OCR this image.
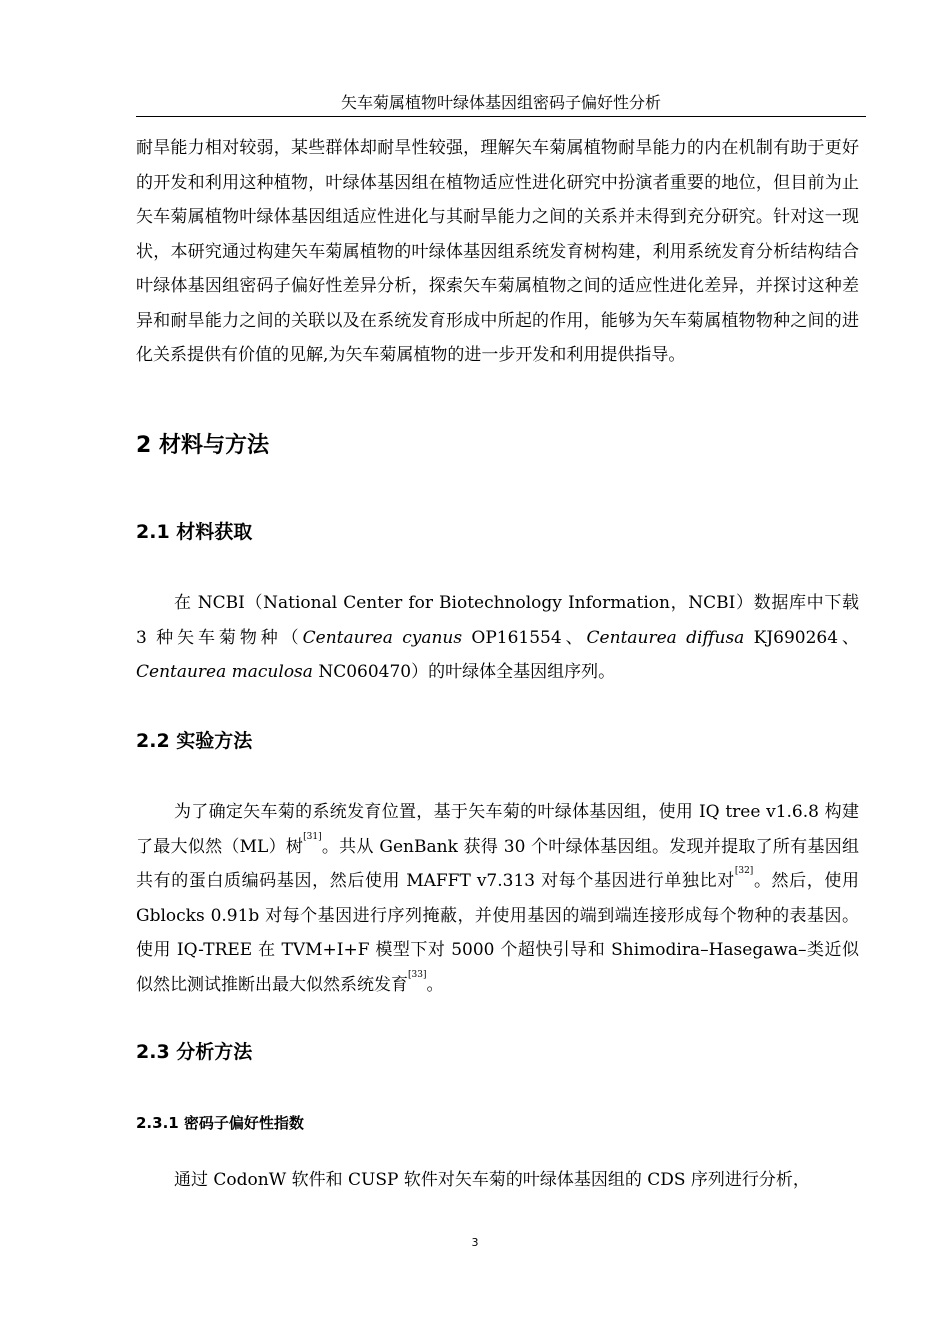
矢车菊属植物叶绿体基因组密码子偏好性分析

耐旱能力相对较弱，某些群体却耐旱性较强，理解矢车菊属植物耐旱能力的内在机制有助于更好的开发和利用这种植物，叶绿体基因组在植物适应性进化研究中扮演者重要的地位，但目前为止矢车菊属植物叶绿体基因组适应性进化与其耐旱能力之间的关系并未得到充分研究。针对这一现状，本研究通过构建矢车菊属植物的叶绿体基因组系统发育树构建，利用系统发育分析结构结合叶绿体基因组密码子偏好性差异分析，探索矢车菊属植物之间的适应性进化差异，并探讨这种差异和耐旱能力之间的关联以及在系统发育形成中所起的作用，能够为矢车菊属植物物种之间的进化关系提供有价值的见解,为矢车菊属植物的进一步开发和利用提供指导。

2 材料与方法
2.1 材料获取

在 NCBI（National Center for Biotechnology Information，NCBI）数据库中下载 3 种矢车菊物种（Centaurea cyanus OP161554、Centaurea diffusa KJ690264、Centaurea maculosa NC060470）的叶绿体全基因组序列。

2.2 实验方法

为了确定矢车菊的系统发育位置，基于矢车菊的叶绿体基因组，使用 IQ tree v1.6.8 构建了最大似然（ML）树[31]。共从 GenBank 获得 30 个叶绿体基因组。发现并提取了所有基因组共有的蛋白质编码基因，然后使用 MAFFT v7.313 对每个基因进行单独比对[32]。然后，使用 Gblocks 0.91b 对每个基因进行序列掩蔽，并使用基因的端到端连接形成每个物种的表基因。使用 IQ-TREE 在 TVM+I+F 模型下对 5000 个超快引导和 Shimodira–Hasegawa–类近似似然比测试推断出最大似然系统发育[33]。

2.3 分析方法
2.3.1 密码子偏好性指数

通过 CodonW 软件和 CUSP 软件对矢车菊的叶绿体基因组的 CDS 序列进行分析，

3
